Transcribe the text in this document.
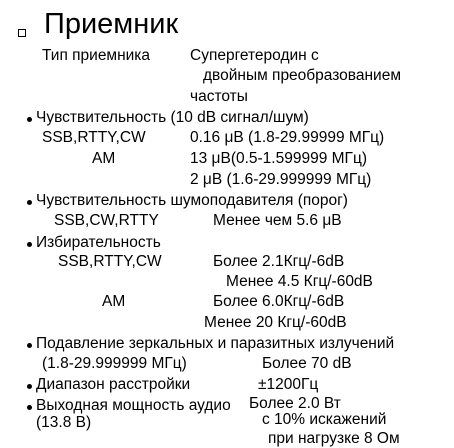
Приемник
Тип приемника	Супергетеродин с
двойным преобразованием
частоты
Чувствительность (10 dB сигнал/шум)
SSB,RTTY,CW	0.16 μB (1.8-29.99999 МГц)
AM	13 μB(0.5-1.599999 МГц)
2 μB (1.6-29.999999 МГц)
Чувствительность шумоподавителя (порог)
SSB,CW,RTTY	Менее чем 5.6 μB
Избирательность
SSB,RTTY,CW	Более 2.1Кгц/-6dB
Менее 4.5 Кгц/-60dB
AM	Более 6.0Кгц/-6dB
Менее 20 Кгц/-60dB
Подавление зеркальных и паразитных излучений
(1.8-29.999999 МГц)	Более 70 dB
Диапазон расстройки	±1200Гц
Выходная мощность аудио Более 2.0 Вт
(13.8 В)	с 10% искажений
при нагрузке 8 Ом
